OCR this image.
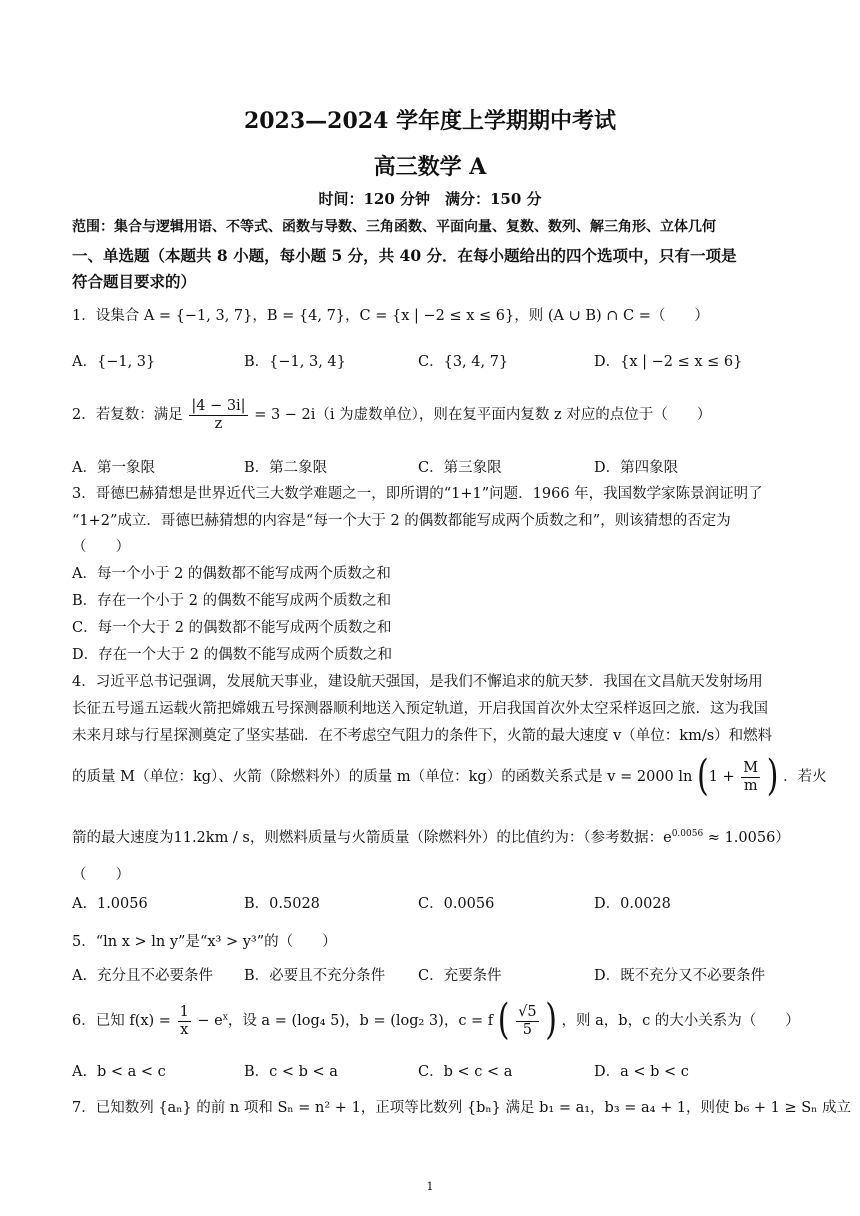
2023—2024 学年度上学期期中考试
高三数学 A
时间：120 分钟　满分：150 分
范围：集合与逻辑用语、不等式、函数与导数、三角函数、平面向量、复数、数列、解三角形、立体几何
一、单选题（本题共 8 小题，每小题 5 分，共 40 分．在每小题给出的四个选项中，只有一项是
符合题目要求的）
1．设集合 A = {−1, 3, 7}，B = {4, 7}，C = {x | −2 ≤ x ≤ 6}，则 (A ∪ B) ∩ C =（　　）
A．{−1, 3}	B．{−1, 3, 4}	C．{3, 4, 7}	D．{x | −2 ≤ x ≤ 6}
2．若复数：满足 $\frac{|4 - 3i|}{z} = 3 - 2i(i$ 为虚数单位），则在复平面内复数 z 对应的点位于（　　）
A．第一象限	B．第二象限	C．第三象限	D．第四象限
3．哥德巴赫猜想是世界近代三大数学难题之一，即所谓的“1+1”问题．1966 年，我国数学家陈景润证明了
“1+2”成立．哥德巴赫猜想的内容是“每一个大于 2 的偶数都能写成两个质数之和”，则该猜想的否定为
（　　）
A．每一个小于 2 的偶数都不能写成两个质数之和
B．存在一个小于 2 的偶数不能写成两个质数之和
C．每一个大于 2 的偶数都不能写成两个质数之和
D．存在一个大于 2 的偶数不能写成两个质数之和
4．习近平总书记强调，发展航天事业，建设航天强国，是我们不懈追求的航天梦．我国在文昌航天发射场用
长征五号遥五运载火箭把嫦娥五号探测器顺利地送入预定轨道，开启我国首次外太空采样返回之旅．这为我国
未来月球与行星探测奠定了坚实基础．在不考虑空气阻力的条件下，火箭的最大速度 v（单位：km/s）和燃料
的质量 M（单位：kg）、火箭（除燃料外）的质量 m（单位：kg）的函数关系式是 v = 2000 $\ln (1 + \frac{M}{m}$ ) ．若火
箭的最大速度为11.2km / s，则燃料质量与火箭质量（除燃料外）的比值约为：（参考数据：$e^{0.0056} \approx 1.0056$）
（　　）
A．1.0056	B．0.5028	C．0.0056	D．0.0028
5．“ln x > ln y”是“x³ > y³”的（　　）
A．充分且不必要条件 B．必要且不充分条件 C．充要条件	D．既不充分又不必要条件
6．已知 $f(x) = \frac{1}{x} - e^x$，设 a = (log₄ 5)，b = (log₂ 3)，c = f ( $\frac{√5}{5}$ ) ，则 a，b，c 的大小关系为（　　）
A．b < a < c	B．c < b < a	C．b < c < a	D．a < b < c
7．已知数列 {aₙ} 的前 n 项和 Sₙ = n² + 1，正项等比数列 {bₙ} 满足 b₁ = a₁，b₃ = a₄ + 1，则使 b₆ + 1 ≥ Sₙ 成立
1
